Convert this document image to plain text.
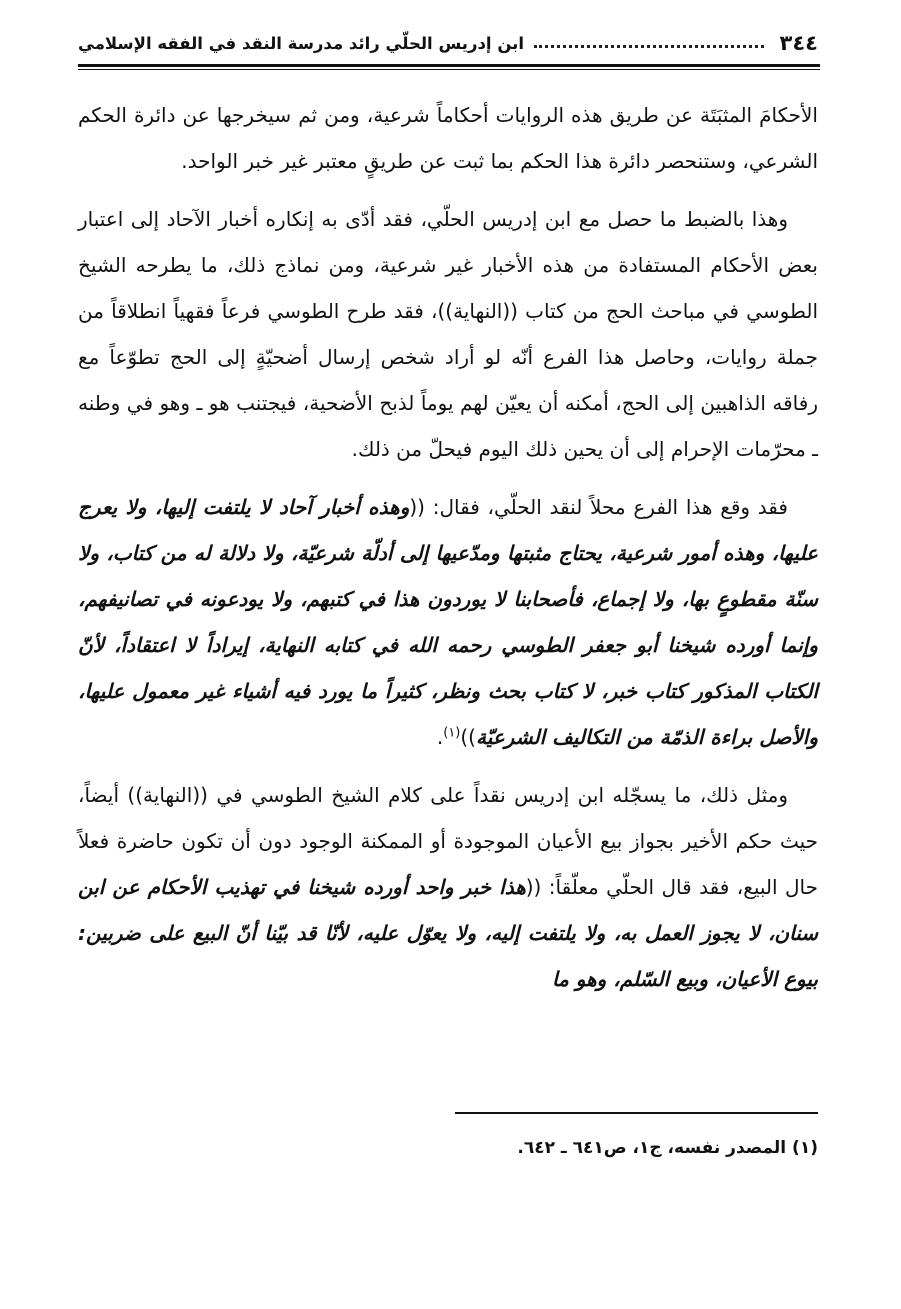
٣٤٤
ابن إدريس الحلّي رائد مدرسة النقد في الفقه الإسلامي

الأحكامَ المثبَتَة عن طريق هذه الروايات أحكاماً شرعية، ومن ثم سيخرجها عن دائرة الحكم الشرعي، وستنحصر دائرة هذا الحكم بما ثبت عن طريقٍ معتبر غير خبر الواحد.

وهذا بالضبط ما حصل مع ابن إدريس الحلّي، فقد أدّى به إنكاره أخبار الآحاد إلى اعتبار بعض الأحكام المستفادة من هذه الأخبار غير شرعية، ومن نماذج ذلك، ما يطرحه الشيخ الطوسي في مباحث الحج من كتاب ((النهاية))، فقد طرح الطوسي فرعاً فقهياً انطلاقاً من جملة روايات، وحاصل هذا الفرع أنّه لو أراد شخص إرسال أضحيّةٍ إلى الحج تطوّعاً مع رفاقه الذاهبين إلى الحج، أمكنه أن يعيّن لهم يوماً لذبح الأضحية، فيجتنب هو ـ وهو في وطنه ـ محرّمات الإحرام إلى أن يحين ذلك اليوم فيحلّ من ذلك.

فقد وقع هذا الفرع محلاً لنقد الحلّي، فقال: ((وهذه أخبار آحاد لا يلتفت إليها، ولا يعرج عليها، وهذه أمور شرعية، يحتاج مثبتها ومدّعيها إلى أدلّة شرعيّة، ولا دلالة له من كتاب، ولا سنّة مقطوعٍ بها، ولا إجماع، فأصحابنا لا يوردون هذا في كتبهم، ولا يودعونه في تصانيفهم، وإنما أورده شيخنا أبو جعفر الطوسي رحمه الله في كتابه النهاية، إيراداً لا اعتقاداً، لأنّ الكتاب المذكور كتاب خبر، لا كتاب بحث ونظر، كثيراً ما يورد فيه أشياء غير معمول عليها، والأصل براءة الذمّة من التكاليف الشرعيّة))$^{(١)}$.

ومثل ذلك، ما يسجّله ابن إدريس نقداً على كلام الشيخ الطوسي في ((النهاية)) أيضاً، حيث حكم الأخير بجواز بيع الأعيان الموجودة أو الممكنة الوجود دون أن تكون حاضرة فعلاً حال البيع، فقد قال الحلّي معلّقاً: ((هذا خبر واحد أورده شيخنا في تهذيب الأحكام عن ابن سنان، لا يجوز العمل به، ولا يلتفت إليه، ولا يعوّل عليه، لأنّا قد بيّنا أنّ البيع على ضربين: بيوع الأعيان، وبيع السّلم، وهو ما

(١) المصدر نفسه، ج١، ص٦٤١ ـ ٦٤٢.
